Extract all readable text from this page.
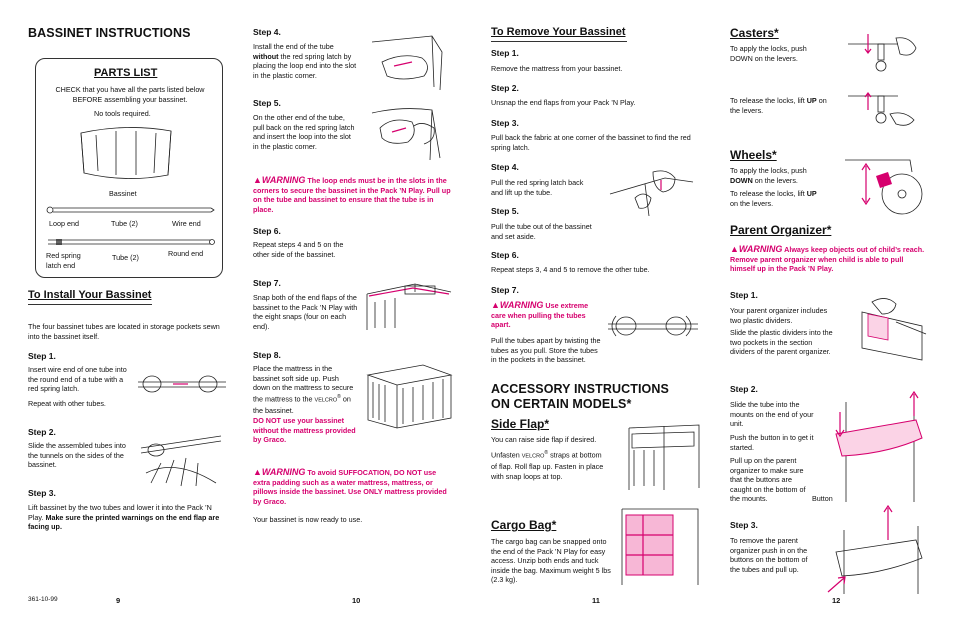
BASSINET INSTRUCTIONS
PARTS LIST
CHECK that you have all the parts listed below BEFORE assembling your bassinet.
No tools required.
Bassinet
Loop end	Tube (2)	Wire end
Red spring latch end
Tube (2)	Round end
To Install Your Bassinet
The four bassinet tubes are located in storage pockets sewn into the bassinet itself.
Step 1.
Insert wire end of one tube into the round end of a tube with a red spring latch.
Repeat with other tubes.
Step 2.
Slide the assembled tubes into the tunnels on the sides of the bassinet.
Step 3.
Lift bassinet by the two tubes and lower it into the Pack ’N Play. Make sure the printed warnings on the end flap are facing up.
361-10-99	9
Step 4.
Install the end of the tube without the red spring latch by placing the loop end into the slot in the plastic corner.
Step 5.
On the other end of the tube, pull back on the red spring latch and insert the loop into the slot in the plastic corner.
▲WARNING The loop ends must be in the slots in the corners to secure the bassinet in the Pack ’N Play. Pull up on the tube and bassinet to ensure that the tube is in place.
Step 6.
Repeat steps 4 and 5 on the other side of the bassinet.
Step 7.
Snap both of the end flaps of the bassinet to the Pack ’N Play with the eight snaps (four on each end).
Step 8.
Place the mattress in the bassinet soft side up. Push down on the mattress to secure the mattress to the VELCRO® on the bassinet.
DO NOT use your bassinet without the mattress provided by Graco.
▲WARNING To avoid SUFFOCATION, DO NOT use extra padding such as a water mattress, mattress, or pillows inside the bassinet. Use ONLY mattress provided by Graco.
Your bassinet is now ready to use.
10
To Remove Your Bassinet
Step 1.
Remove the mattress from your bassinet.
Step 2.
Unsnap the end flaps from your Pack ’N Play.
Step 3.
Pull back the fabric at one corner of the bassinet to find the red spring latch.
Step 4.
Pull the red spring latch back and lift up the tube.
Step 5.
Pull the tube out of the bassinet and set aside.
Step 6.
Repeat steps 3, 4 and 5 to remove the other tube.
Step 7.
▲WARNING Use extreme care when pulling the tubes apart.
Pull the tubes apart by twisting the tubes as you pull. Store the tubes in the pockets in the bassinet.
ACCESSORY INSTRUCTIONS
ON CERTAIN MODELS*
Side Flap*
You can raise side flap if desired.
Unfasten VELCRO® straps at bottom of flap. Roll flap up. Fasten in place with snap loops at top.
Cargo Bag*
The cargo bag can be snapped onto the end of the Pack ’N Play for easy access. Unzip both ends and tuck inside the bag. Maximum weight 5 lbs (2.3 kg).
11
Casters*
To apply the locks, push DOWN on the levers.
To release the locks, lift UP on the levers.
Wheels*
To apply the locks, push DOWN on the levers.
To release the locks, lift UP on the levers.
Parent Organizer*
▲WARNING Always keep objects out of child’s reach. Remove parent organizer when child is able to pull himself up in the Pack ’N Play.
Step 1.
Your parent organizer includes two plastic dividers.
Slide the plastic dividers into the two pockets in the section dividers of the parent organizer.
Step 2.
Slide the tube into the mounts on the end of your unit.
Push the button in to get it started.
Pull up on the parent organizer to make sure that the buttons are caught on the bottom of the mounts.	Button
Step 3.
To remove the parent organizer push in on the buttons on the bottom of the tubes and pull up.
12
